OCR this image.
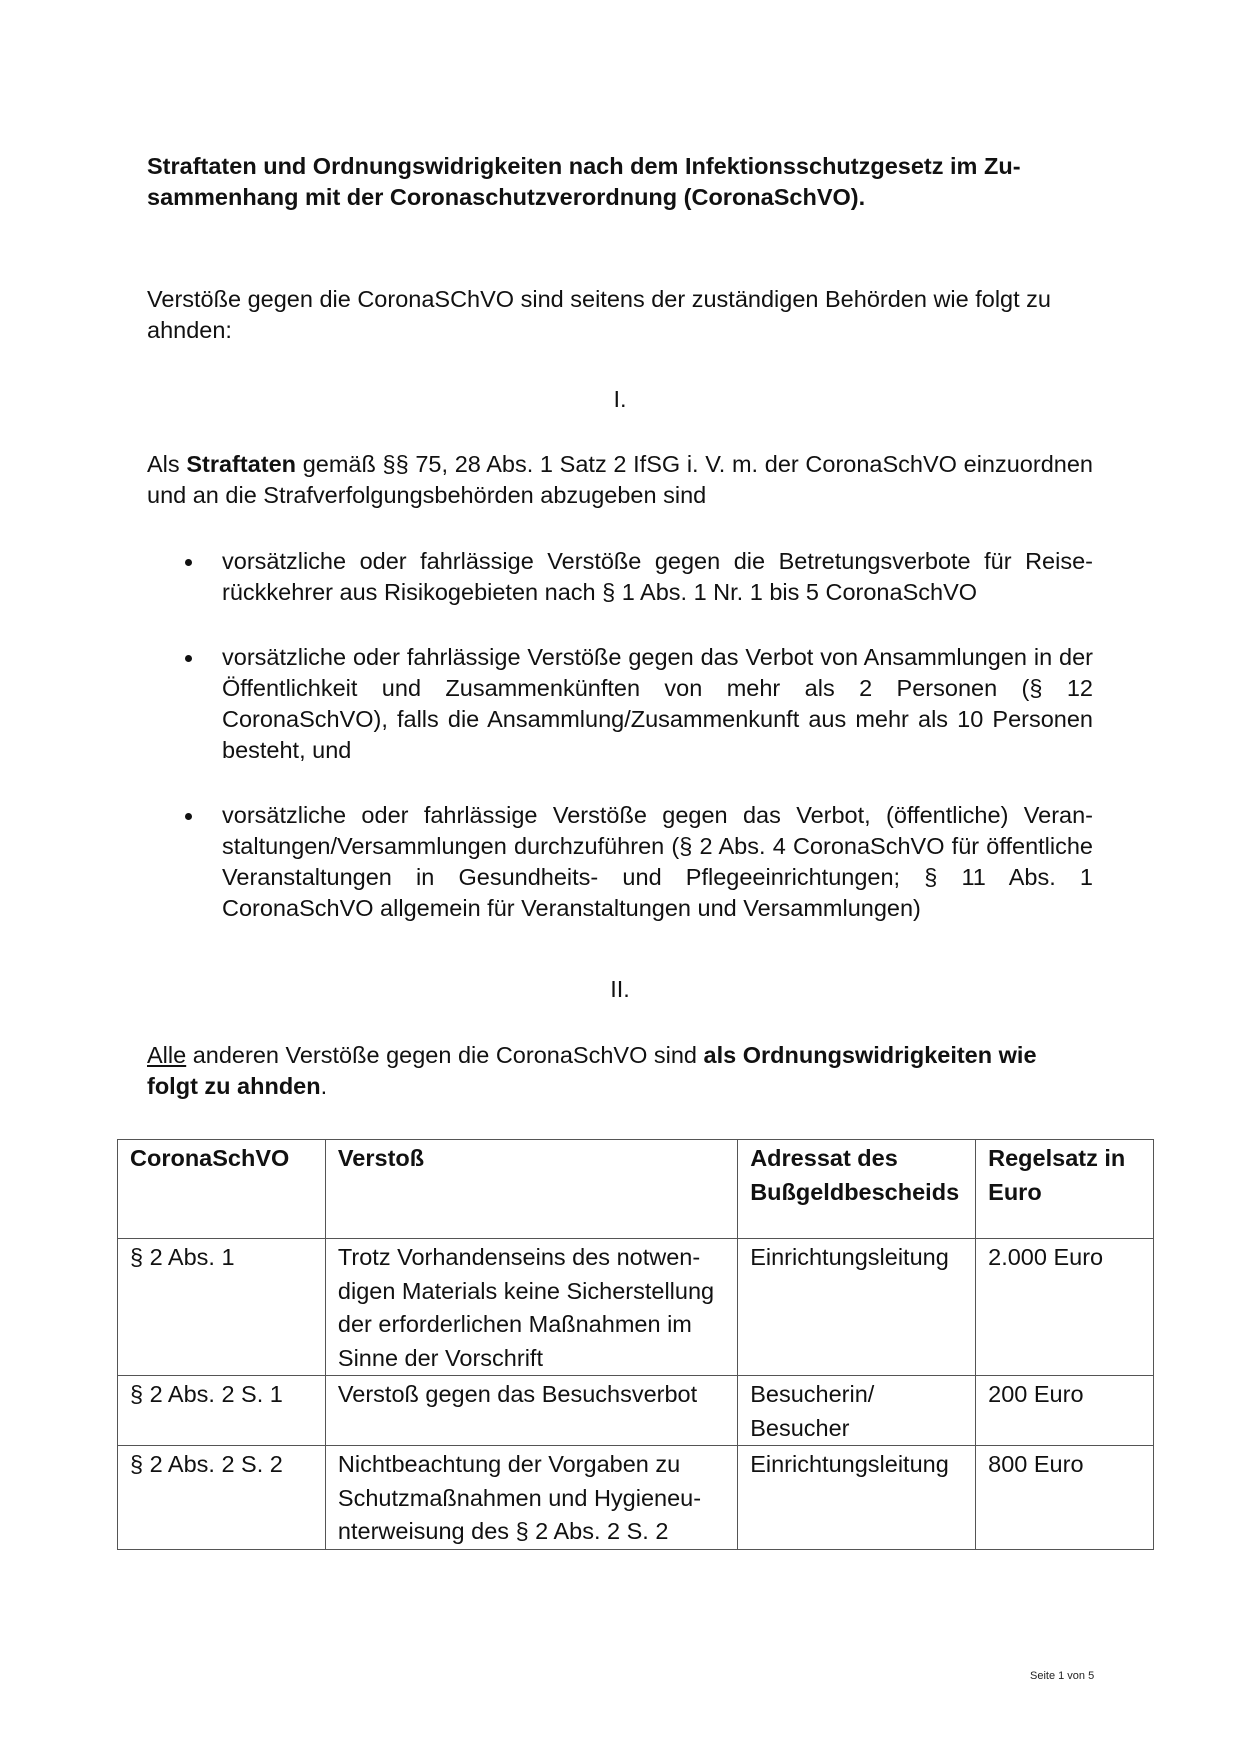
Straftaten und Ordnungswidrigkeiten nach dem Infektionsschutzgesetz im Zusammenhang mit der Coronaschutzverordnung (CoronaSchVO).

Verstöße gegen die CoronaSChVO sind seitens der zuständigen Behörden wie folgt zu ahnden:

I.

Als Straftaten gemäß §§ 75, 28 Abs. 1 Satz 2 IfSG i. V. m. der CoronaSchVO einzuordnen und an die Strafverfolgungsbehörden abzugeben sind

vorsätzliche oder fahrlässige Verstöße gegen die Betretungsverbote für Reiserückkehrer aus Risikogebieten nach § 1 Abs. 1 Nr. 1 bis 5 CoronaSchVO
vorsätzliche oder fahrlässige Verstöße gegen das Verbot von Ansammlungen in der Öffentlichkeit und Zusammenkünften von mehr als 2 Personen (§ 12 CoronaSchVO), falls die Ansammlung/Zusammenkunft aus mehr als 10 Personen besteht, und
vorsätzliche oder fahrlässige Verstöße gegen das Verbot, (öffentliche) Veranstaltungen/Versammlungen durchzuführen (§ 2 Abs. 4 CoronaSchVO für öffentliche Veranstaltungen in Gesundheits- und Pflegeeinrichtungen; § 11 Abs. 1 CoronaSchVO allgemein für Veranstaltungen und Versammlungen)
II.

Alle anderen Verstöße gegen die CoronaSchVO sind als Ordnungswidrigkeiten wie folgt zu ahnden.

CoronaSchVO	Verstoß	Adressat des Bußgeldbescheids	Regelsatz in Euro
§ 2 Abs. 1	Trotz Vorhandenseins des notwendigen Materials keine Sicherstellung der erforderlichen Maßnahmen im Sinne der Vorschrift	Einrichtungsleitung	2.000 Euro
§ 2 Abs. 2 S. 1	Verstoß gegen das Besuchsverbot	Besucherin/ Besucher	200 Euro
§ 2 Abs. 2 S. 2	Nichtbeachtung der Vorgaben zu Schutzmaßnahmen und Hygieneunterweisung des § 2 Abs. 2 S. 2	Einrichtungsleitung	800 Euro
Seite 1 von 5
